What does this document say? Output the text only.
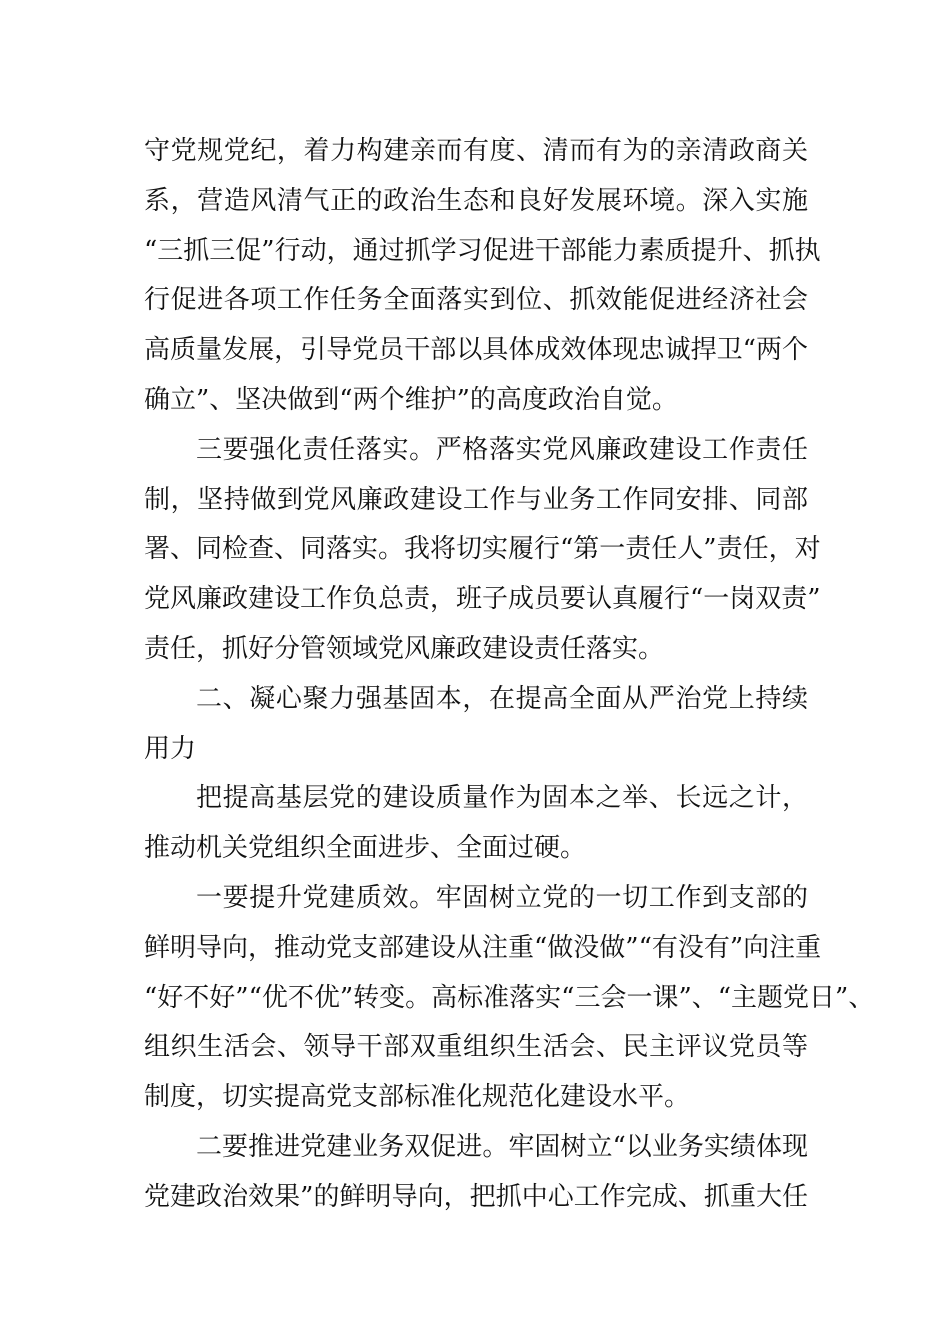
守党规党纪，着力构建亲而有度、清而有为的亲清政商关
系，营造风清气正的政治生态和良好发展环境。深入实施
“三抓三促”行动，通过抓学习促进干部能力素质提升、抓执
行促进各项工作任务全面落实到位、抓效能促进经济社会
高质量发展，引导党员干部以具体成效体现忠诚捍卫“两个
确立”、坚决做到“两个维护”的高度政治自觉。
三要强化责任落实。严格落实党风廉政建设工作责任
制，坚持做到党风廉政建设工作与业务工作同安排、同部
署、同检查、同落实。我将切实履行“第一责任人”责任，对
党风廉政建设工作负总责，班子成员要认真履行“一岗双责”
责任，抓好分管领域党风廉政建设责任落实。
二、凝心聚力强基固本，在提高全面从严治党上持续
用力
把提高基层党的建设质量作为固本之举、长远之计，
推动机关党组织全面进步、全面过硬。
一要提升党建质效。牢固树立党的一切工作到支部的
鲜明导向，推动党支部建设从注重“做没做”“有没有”向注重
“好不好”“优不优”转变。高标准落实“三会一课”、“主题党日”、
组织生活会、领导干部双重组织生活会、民主评议党员等
制度，切实提高党支部标准化规范化建设水平。
二要推进党建业务双促进。牢固树立“以业务实绩体现
党建政治效果”的鲜明导向，把抓中心工作完成、抓重大任
